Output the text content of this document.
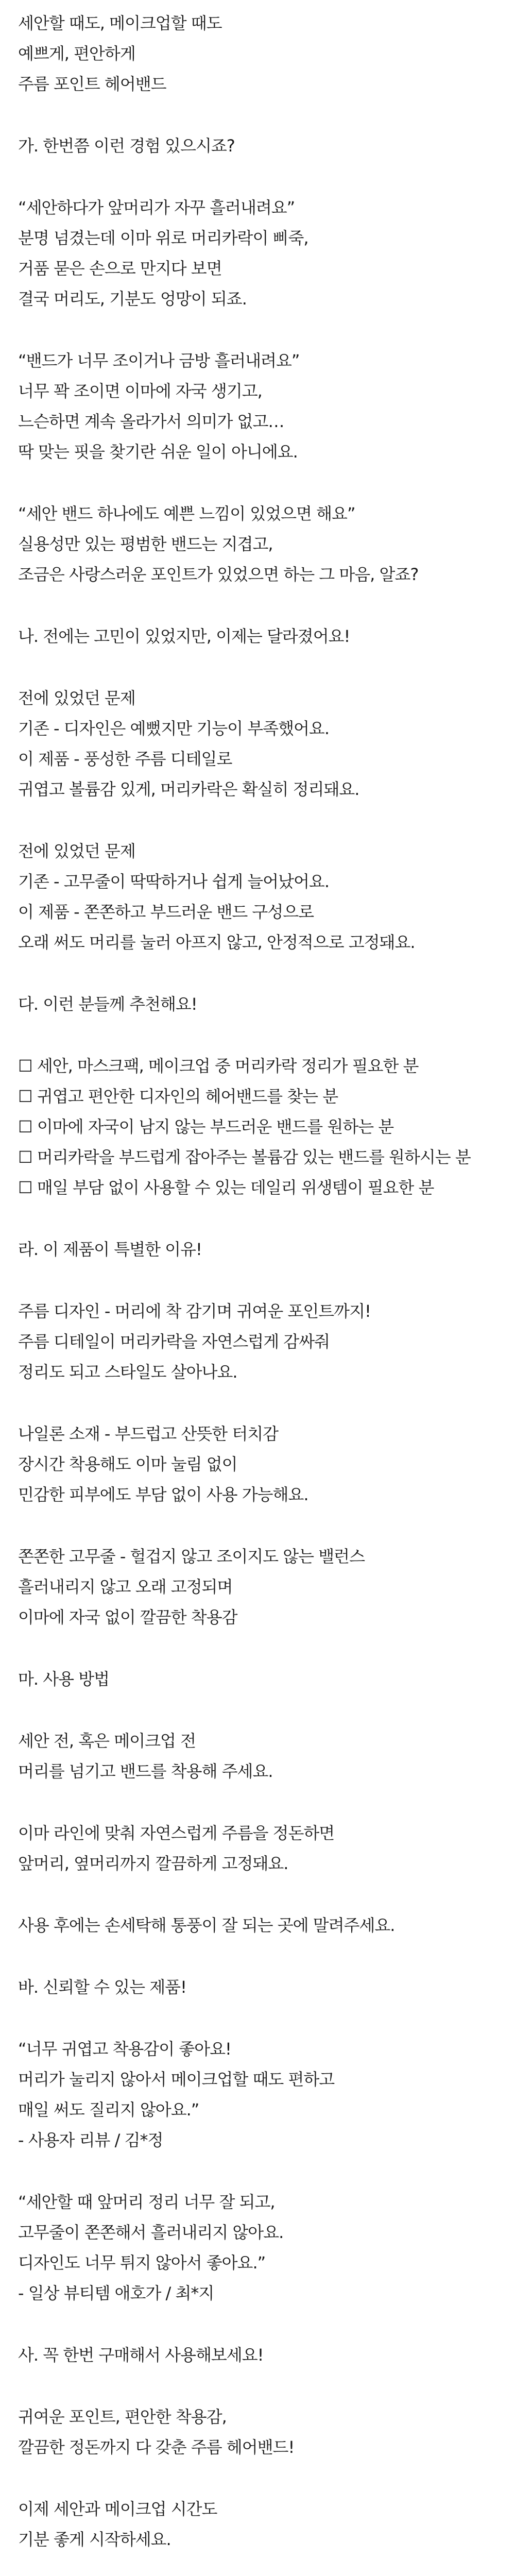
세안할 때도, 메이크업할 때도
예쁘게, 편안하게
주름 포인트 헤어밴드
가. 한번쯤 이런 경험 있으시죠?
“세안하다가 앞머리가 자꾸 흘러내려요”
분명 넘겼는데 이마 위로 머리카락이 삐죽,
거품 묻은 손으로 만지다 보면
결국 머리도, 기분도 엉망이 되죠.
“밴드가 너무 조이거나 금방 흘러내려요”
너무 꽉 조이면 이마에 자국 생기고,
느슨하면 계속 올라가서 의미가 없고…
딱 맞는 핏을 찾기란 쉬운 일이 아니에요.
“세안 밴드 하나에도 예쁜 느낌이 있었으면 해요”
실용성만 있는 평범한 밴드는 지겹고,
조금은 사랑스러운 포인트가 있었으면 하는 그 마음, 알죠?
나. 전에는 고민이 있었지만, 이제는 달라졌어요!
전에 있었던 문제
기존 - 디자인은 예뻤지만 기능이 부족했어요.
이 제품 - 풍성한 주름 디테일로
귀엽고 볼륨감 있게, 머리카락은 확실히 정리돼요.
전에 있었던 문제
기존 - 고무줄이 딱딱하거나 쉽게 늘어났어요.
이 제품 - 쫀쫀하고 부드러운 밴드 구성으로
오래 써도 머리를 눌러 아프지 않고, 안정적으로 고정돼요.
다. 이런 분들께 추천해요!
☐ 세안, 마스크팩, 메이크업 중 머리카락 정리가 필요한 분
☐ 귀엽고 편안한 디자인의 헤어밴드를 찾는 분
☐ 이마에 자국이 남지 않는 부드러운 밴드를 원하는 분
☐ 머리카락을 부드럽게 잡아주는 볼륨감 있는 밴드를 원하시는 분
☐ 매일 부담 없이 사용할 수 있는 데일리 위생템이 필요한 분
라. 이 제품이 특별한 이유!
주름 디자인 - 머리에 착 감기며 귀여운 포인트까지!
주름 디테일이 머리카락을 자연스럽게 감싸줘
정리도 되고 스타일도 살아나요.
나일론 소재 - 부드럽고 산뜻한 터치감
장시간 착용해도 이마 눌림 없이
민감한 피부에도 부담 없이 사용 가능해요.
쫀쫀한 고무줄 - 헐겁지 않고 조이지도 않는 밸런스
흘러내리지 않고 오래 고정되며
이마에 자국 없이 깔끔한 착용감
마. 사용 방법
세안 전, 혹은 메이크업 전
머리를 넘기고 밴드를 착용해 주세요.
이마 라인에 맞춰 자연스럽게 주름을 정돈하면
앞머리, 옆머리까지 깔끔하게 고정돼요.
사용 후에는 손세탁해 통풍이 잘 되는 곳에 말려주세요.
바. 신뢰할 수 있는 제품!
“너무 귀엽고 착용감이 좋아요!
머리가 눌리지 않아서 메이크업할 때도 편하고
매일 써도 질리지 않아요.”
- 사용자 리뷰 / 김*정
“세안할 때 앞머리 정리 너무 잘 되고,
고무줄이 쫀쫀해서 흘러내리지 않아요.
디자인도 너무 튀지 않아서 좋아요.”
- 일상 뷰티템 애호가 / 최*지
사. 꼭 한번 구매해서 사용해보세요!
귀여운 포인트, 편안한 착용감,
깔끔한 정돈까지 다 갖춘 주름 헤어밴드!
이제 세안과 메이크업 시간도
기분 좋게 시작하세요.
